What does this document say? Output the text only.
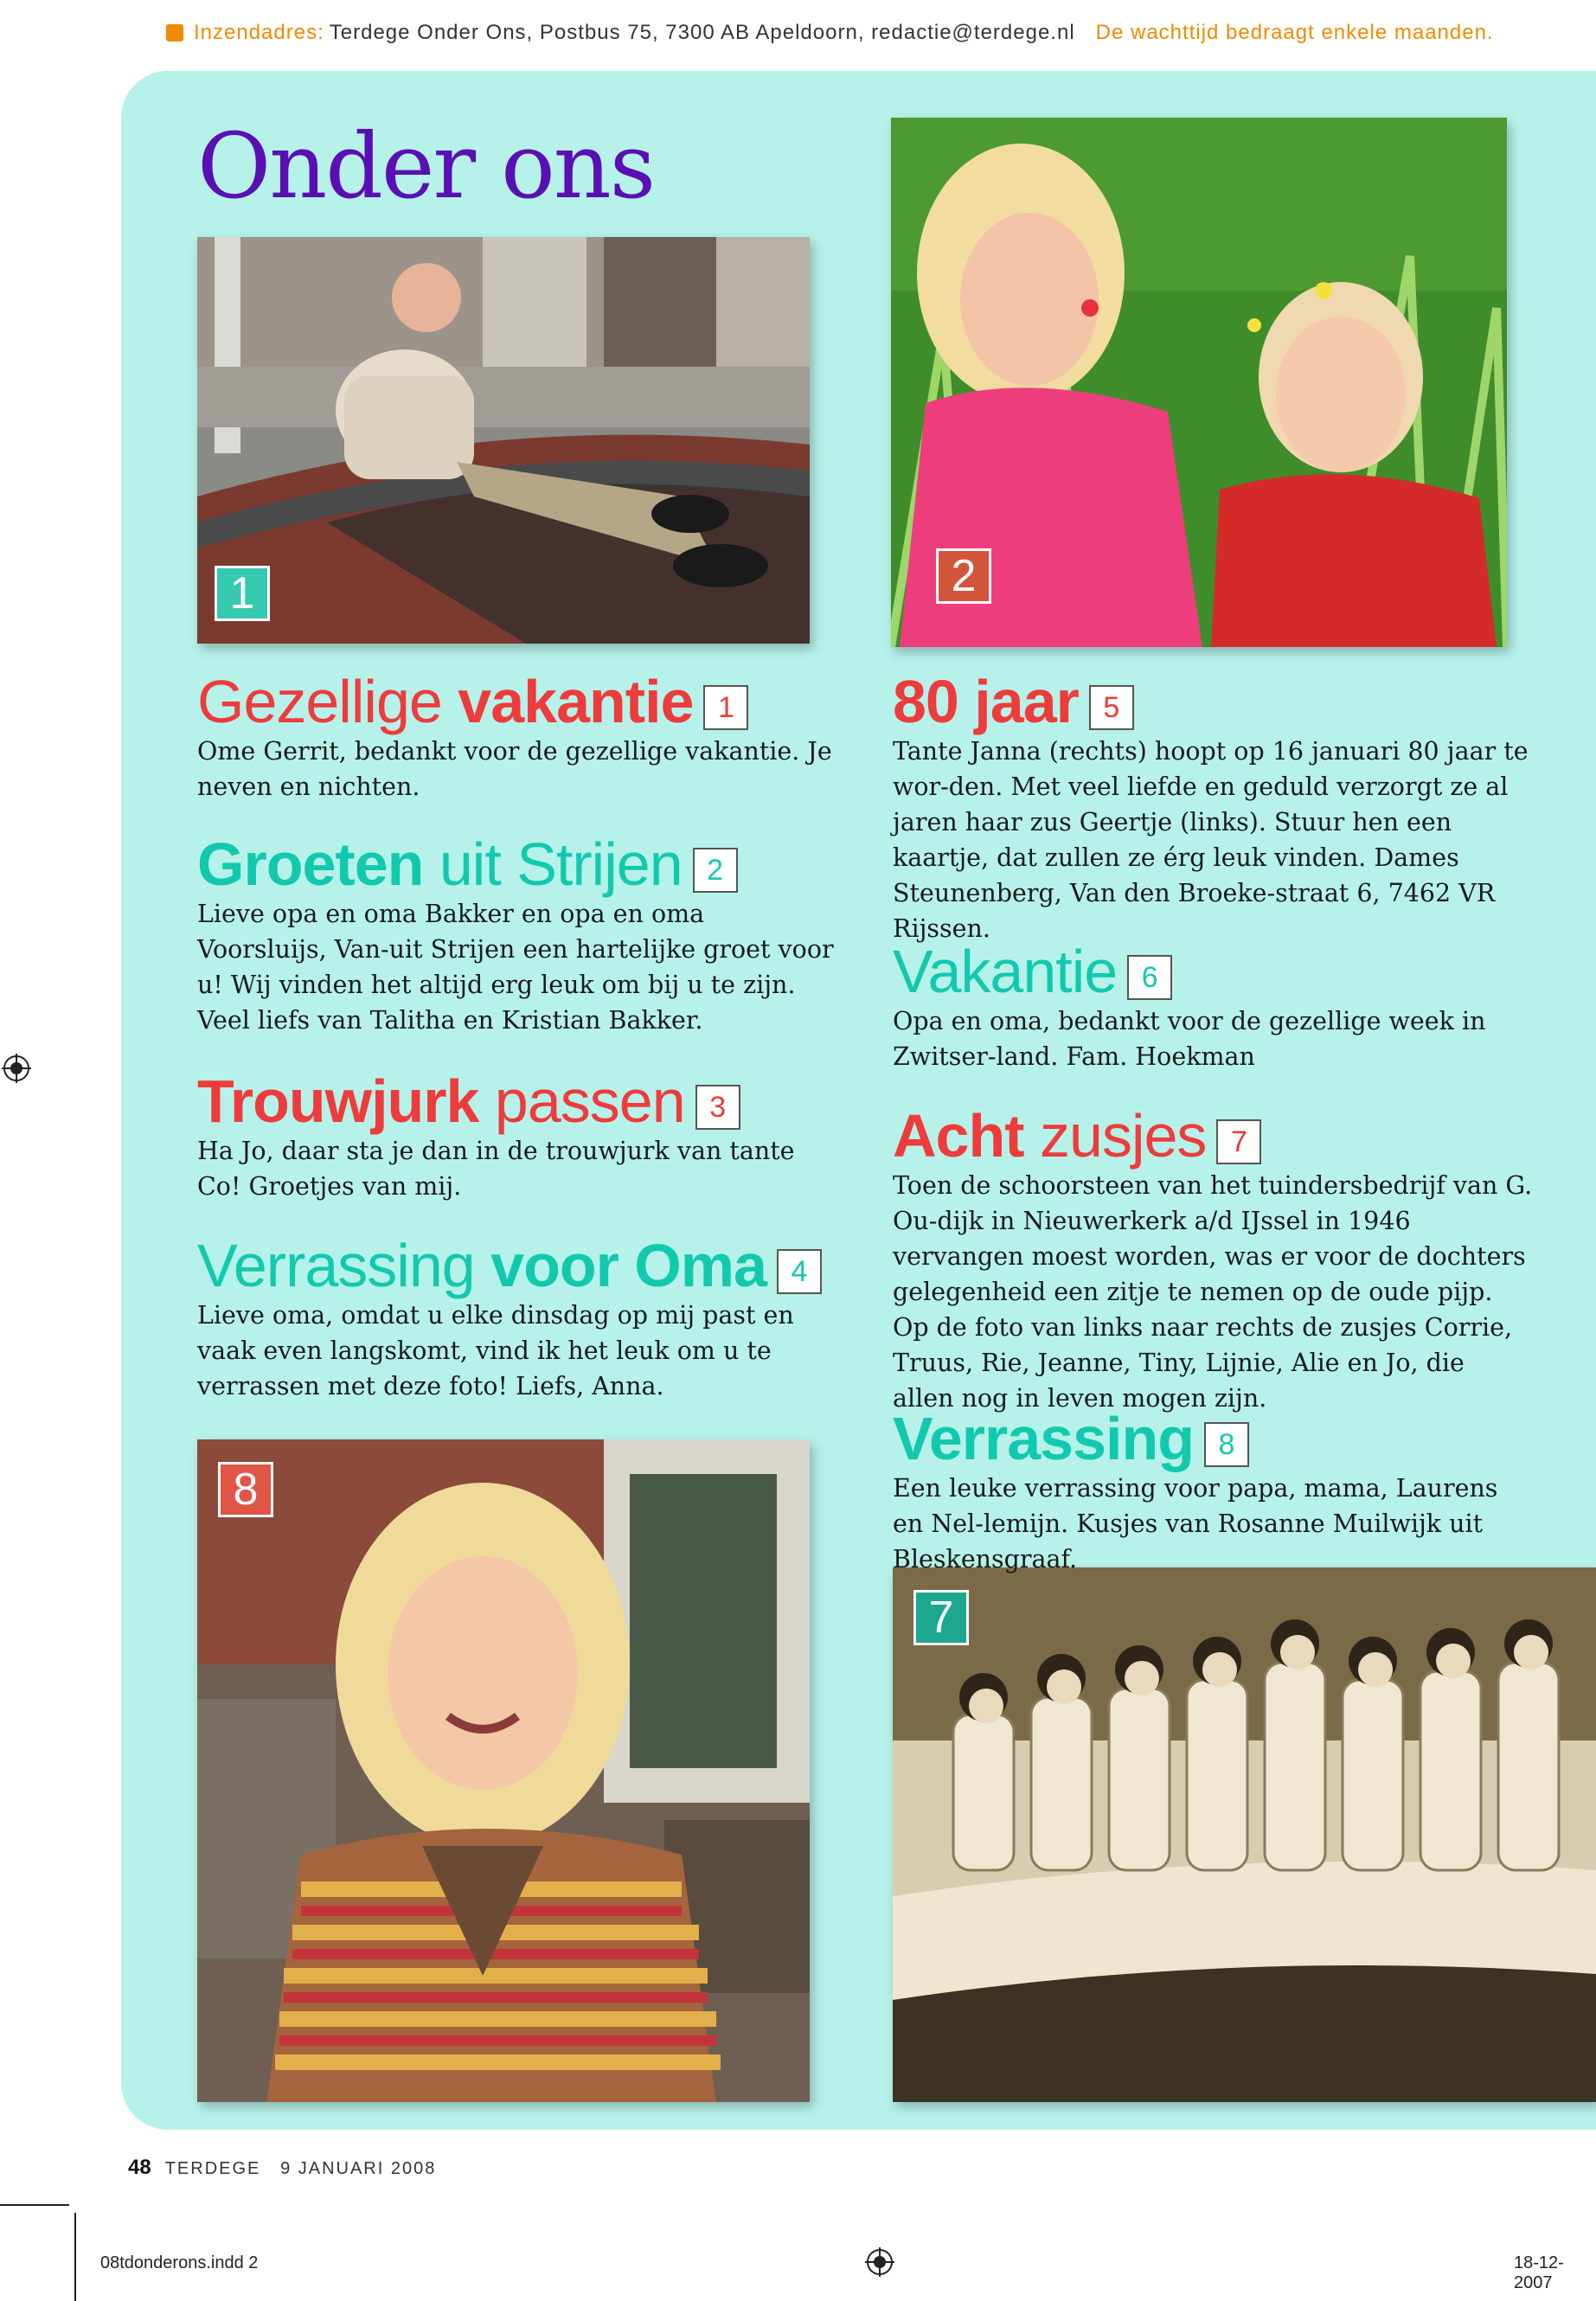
Inzendadres: Terdege Onder Ons, Postbus 75, 7300 AB Apeldoorn, redactie@terdege.nl De wachttijd bedraagt enkele maanden.
Onder ons
1	2
8
7
Gezellige vakantie 1

Ome Gerrit, bedankt voor de gezellige vakantie. Je neven en nichten.

Groeten uit Strijen 2

Lieve opa en oma Bakker en opa en oma Voorsluijs, Van-uit Strijen een hartelijke groet voor u! Wij vinden het altijd erg leuk om bij u te zijn. Veel liefs van Talitha en Kristian Bakker.

Trouwjurk passen 3

Ha Jo, daar sta je dan in de trouwjurk van tante Co! Groetjes van mij.

Verrassing voor Oma 4

Lieve oma, omdat u elke dinsdag op mij past en vaak even langskomt, vind ik het leuk om u te verrassen met deze foto! Liefs, Anna.

80 jaar 5

Tante Janna (rechts) hoopt op 16 januari 80 jaar te wor-den. Met veel liefde en geduld verzorgt ze al jaren haar zus Geertje (links). Stuur hen een kaartje, dat zullen ze érg leuk vinden. Dames Steunenberg, Van den Broeke-straat 6, 7462 VR Rijssen.

Vakantie 6

Opa en oma, bedankt voor de gezellige week in Zwitser-land. Fam. Hoekman

Acht zusjes 7

Toen de schoorsteen van het tuindersbedrijf van G. Ou-dijk in Nieuwerkerk a/d IJssel in 1946 vervangen moest worden, was er voor de dochters gelegenheid een zitje te nemen op de oude pijp. Op de foto van links naar rechts de zusjes Corrie, Truus, Rie, Jeanne, Tiny, Lijnie, Alie en Jo, die allen nog in leven mogen zijn.

Verrassing 8

Een leuke verrassing voor papa, mama, Laurens en Nel-lemijn. Kusjes van Rosanne Muilwijk uit Bleskensgraaf.

48 TERDEGE 9 JANUARI 2008
08tdonderons.indd 2	18-12-2007
